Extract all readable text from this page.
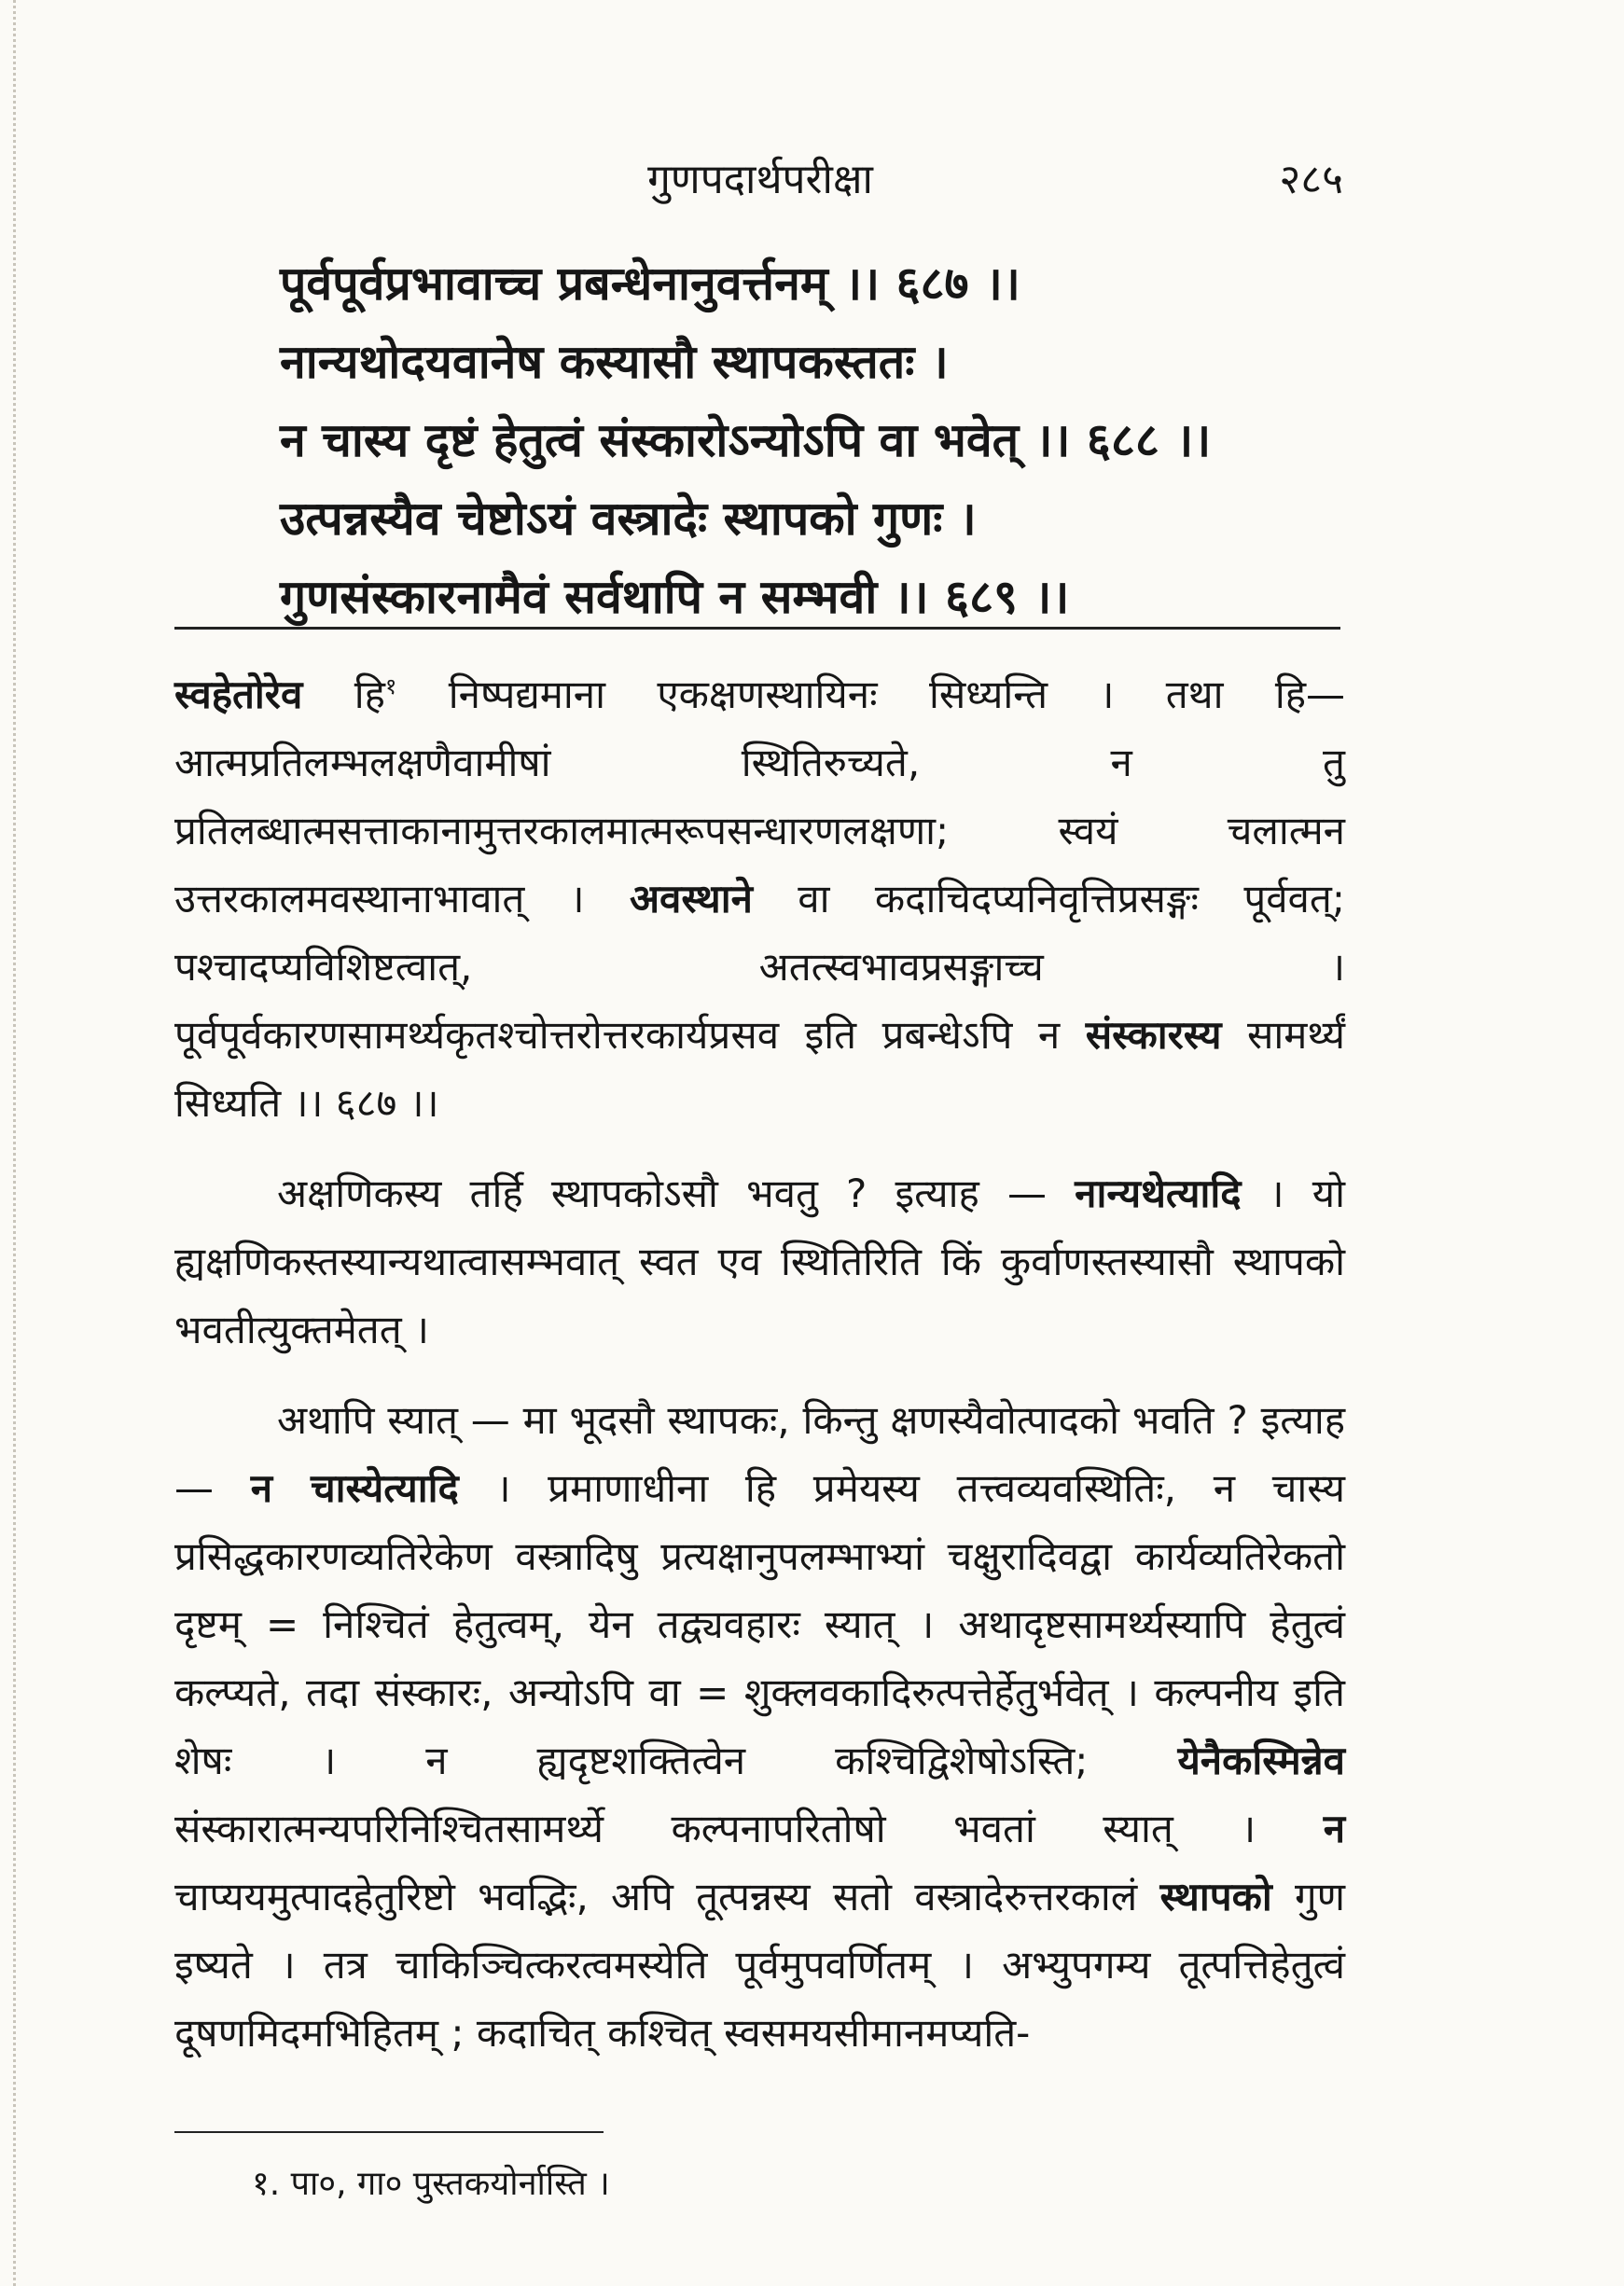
गुणपदार्थपरीक्षा	२८५
पूर्वपूर्वप्रभावाच्च प्रबन्धेनानुवर्त्तनम् ।। ६८७ ।।
नान्यथोदयवानेष कस्यासौ स्थापकस्ततः ।
न चास्य दृष्टं हेतुत्वं संस्कारोऽन्योऽपि वा भवेत् ।। ६८८ ।।
उत्पन्नस्यैव चेष्टोऽयं वस्त्रादेः स्थापको गुणः ।
गुणसंस्कारनामैवं सर्वथापि न सम्भवी ।। ६८९ ।।

स्वहेतोरेव हि$^१$ निष्पद्यमाना एकक्षणस्थायिनः सिध्यन्ति । तथा हि— आत्मप्रतिलम्भलक्षणैवामीषां स्थितिरुच्यते, न तु प्रतिलब्धात्मसत्ताकानामुत्तरकालमात्मरूपसन्धारणलक्षणा; स्वयं चलात्मन उत्तरकालमवस्थानाभावात् । अवस्थाने वा कदाचिदप्यनिवृत्तिप्रसङ्गः पूर्ववत्; पश्चादप्यविशिष्टत्वात्, अतत्स्वभावप्रसङ्गाच्च । पूर्वपूर्वकारणसामर्थ्यकृतश्चोत्तरोत्तरकार्यप्रसव इति प्रबन्धेऽपि न संस्कारस्य सामर्थ्यं सिध्यति ।। ६८७ ।।

अक्षणिकस्य तर्हि स्थापकोऽसौ भवतु ? इत्याह — नान्यथेत्यादि । यो ह्यक्षणिकस्तस्यान्यथात्वासम्भवात् स्वत एव स्थितिरिति किं कुर्वाणस्तस्यासौ स्थापको भवतीत्युक्तमेतत् ।

अथापि स्यात् — मा भूदसौ स्थापकः, किन्तु क्षणस्यैवोत्पादको भवति ? इत्याह — न चास्येत्यादि । प्रमाणाधीना हि प्रमेयस्य तत्त्वव्यवस्थितिः, न चास्य प्रसिद्धकारणव्यतिरेकेण वस्त्रादिषु प्रत्यक्षानुपलम्भाभ्यां चक्षुरादिवद्वा कार्यव्यतिरेकतो दृष्टम् = निश्चितं हेतुत्वम्, येन तद्व्यवहारः स्यात् । अथादृष्टसामर्थ्यस्यापि हेतुत्वं कल्प्यते, तदा संस्कारः, अन्योऽपि वा = शुक्लवकादिरुत्पत्तेर्हेतुर्भवेत् । कल्पनीय इति शेषः । न ह्यदृष्टशक्तित्वेन कश्चिद्विशेषोऽस्ति; येनैकस्मिन्नेव संस्कारात्मन्यपरिनिश्चितसामर्थ्ये कल्पनापरितोषो भवतां स्यात् । न चाप्ययमुत्पादहेतुरिष्टो भवद्भिः, अपि तूत्पन्नस्य सतो वस्त्रादेरुत्तरकालं स्थापको गुण इष्यते । तत्र चाकिञ्चित्करत्वमस्येति पूर्वमुपवर्णितम् । अभ्युपगम्य तूत्पत्तिहेतुत्वं दूषणमिदमभिहितम् ; कदाचित् कश्चित् स्वसमयसीमानमप्यति-

१. पा०, गा० पुस्तकयोर्नास्ति ।
